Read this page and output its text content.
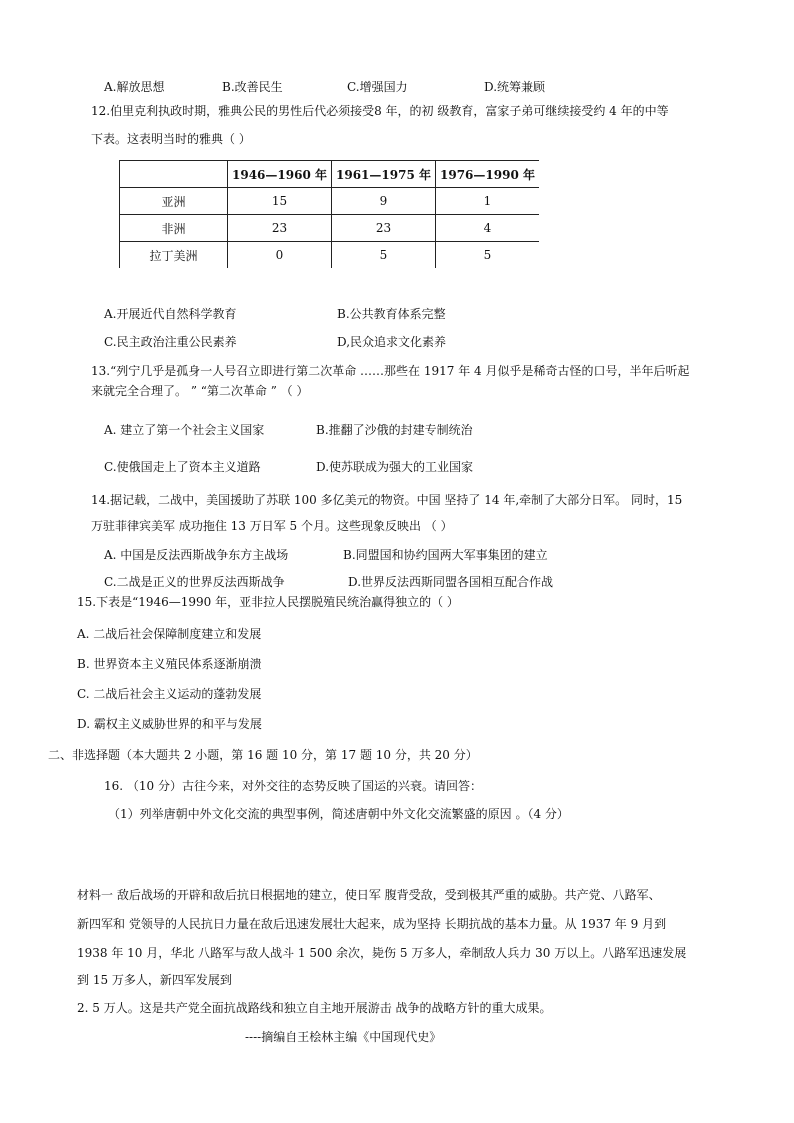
A.解放思想	B.改善民生	C.增强国力	D.统筹兼顾
12.伯里克利执政时期，雅典公民的男性后代必须接受8 年，的初 级教育，富家子弟可继续接受约 4 年的中等
下表。这表明当时的雅典（ ）
	1946—1960 年	1961—1975 年	1976—1990 年
亚洲	15	9	1
非洲	23	23	4
拉丁美洲	0	5	5
A.开展近代自然科学教育	B.公共教育体系完整
C.民主政治注重公民素养	D,民众追求文化素养
13.“列宁几乎是孤身一人号召立即进行第二次革命 ……那些在 1917 年 4 月似乎是稀奇古怪的口号，半年后听起
来就完全合理了。 ” “第二次革命 ” （ ）
A. 建立了第一个社会主义国家	B.推翻了沙俄的封建专制统治
C.使俄国走上了资本主义道路	D.使苏联成为强大的工业国家
14.据记载，二战中，美国援助了苏联 100 多亿美元的物资。中国 坚持了 14 年,牵制了大部分日军。 同时，15
万驻菲律宾美军 成功拖住 13 万日军 5 个月。这些现象反映出 （ ）
A. 中国是反法西斯战争东方主战场	B.同盟国和协约国两大军事集团的建立
C.二战是正义的世界反法西斯战争	D.世界反法西斯同盟各国相互配合作战
15.下表是“1946—1990 年，亚非拉人民摆脱殖民统治赢得独立的（ ）
A. 二战后社会保障制度建立和发展
B. 世界资本主义殖民体系逐渐崩溃
C. 二战后社会主义运动的蓬勃发展
D. 霸权主义威胁世界的和平与发展
二、非选择题（本大题共 2 小题，第 16 题 10 分，第 17 题 10 分，共 20 分）
16. （10 分）古往今来，对外交往的态势反映了国运的兴衰。请回答：
（1）列举唐朝中外文化交流的典型事例，简述唐朝中外文化交流繁盛的原因 。（4 分）
材料一 敌后战场的开辟和敌后抗日根据地的建立，使日军 腹背受敌，受到极其严重的威胁。共产党、八路军、
新四军和 党领导的人民抗日力量在敌后迅速发展壮大起来，成为坚持 长期抗战的基本力量。从 1937 年 9 月到
1938 年 10 月，华北 八路军与敌人战斗 1 500 余次，毙伤 5 万多人，牵制敌人兵力 30 万以上。八路军迅速发展
到 15 万多人，新四军发展到
2. 5 万人。这是共产党全面抗战路线和独立自主地开展游击 战争的战略方针的重大成果。
----摘编自王桧林主编《中国现代史》
